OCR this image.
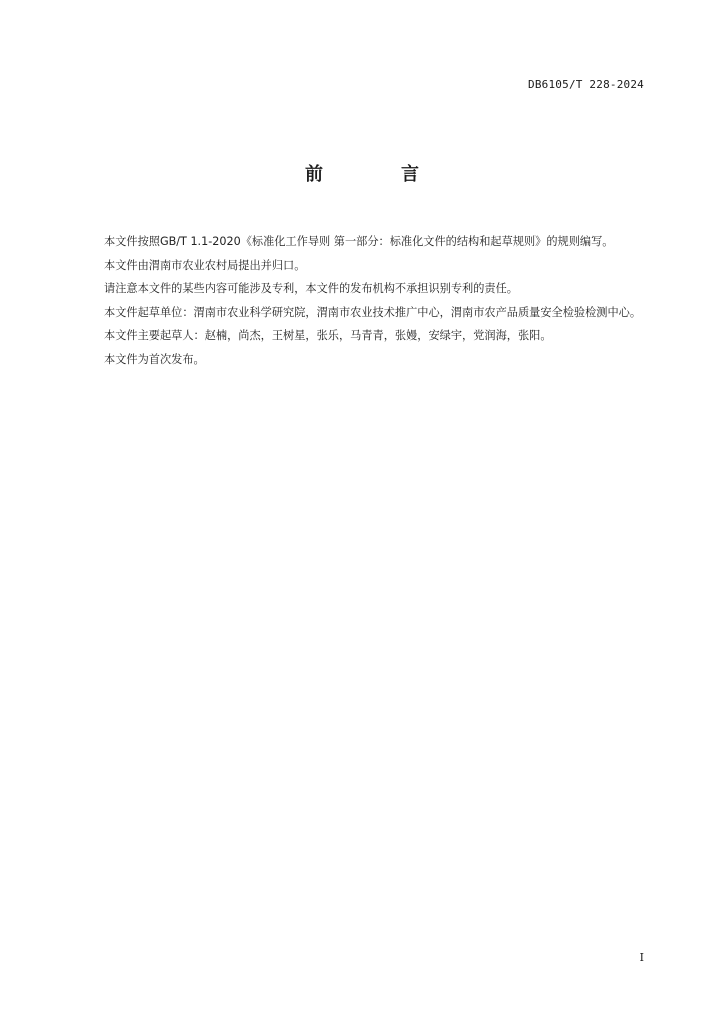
DB6105/T 228-2024
前　言

本文件按照GB/T 1.1-2020《标准化工作导则 第一部分：标准化文件的结构和起草规则》的规则编写。

本文件由渭南市农业农村局提出并归口。

请注意本文件的某些内容可能涉及专利，本文件的发布机构不承担识别专利的责任。

本文件起草单位：渭南市农业科学研究院，渭南市农业技术推广中心，渭南市农产品质量安全检验检测中心。

本文件主要起草人：赵楠，尚杰，王树星，张乐，马青青，张嫚，安绿宇，党润海，张阳。

本文件为首次发布。

I
